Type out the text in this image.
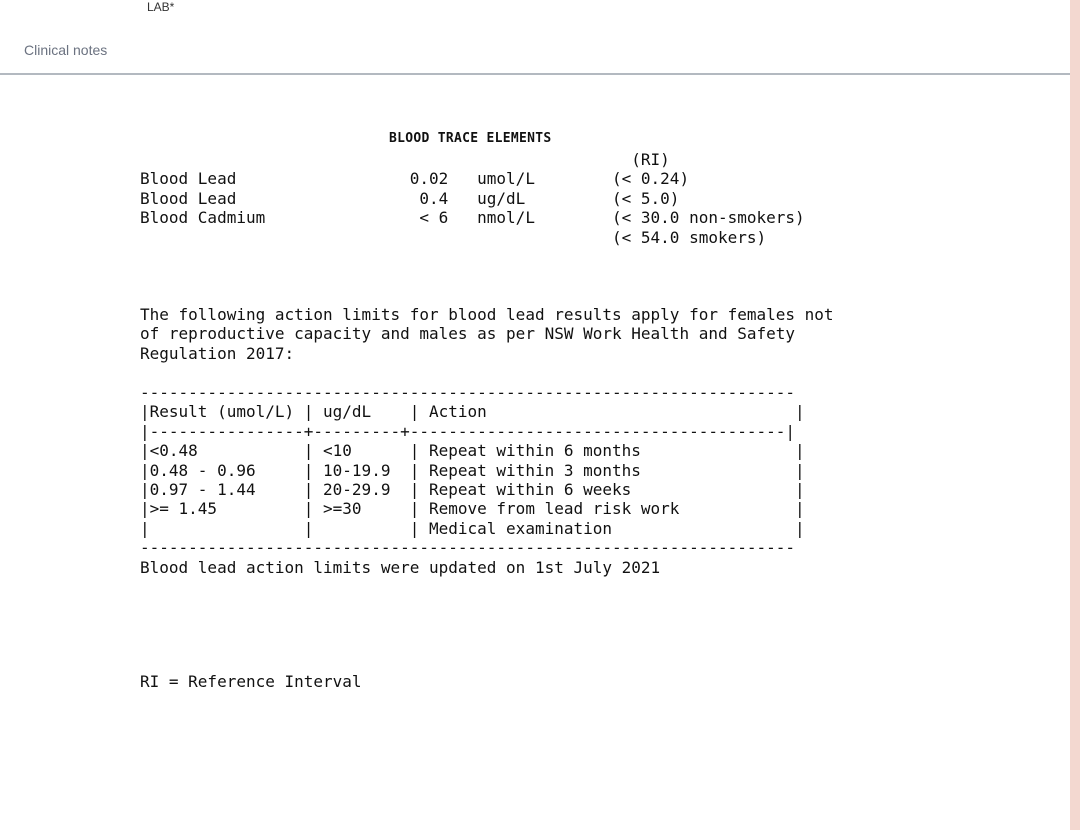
LAB*
Clinical notes
BLOOD TRACE ELEMENTS
(RI)
Blood Lead                  0.02   umol/L        (< 0.24)
Blood Lead                   0.4   ug/dL         (< 5.0)
Blood Cadmium                < 6   nmol/L        (< 30.0 non-smokers)
(< 54.0 smokers)
The following action limits for blood lead results apply for females not
of reproductive capacity and males as per NSW Work Health and Safety
Regulation 2017:
--------------------------------------------------------------------
|Result (umol/L) | ug/dL    | Action                                |
|----------------+---------+---------------------------------------|
|<0.48           | <10      | Repeat within 6 months                |
|0.48 - 0.96     | 10-19.9  | Repeat within 3 months                |
|0.97 - 1.44     | 20-29.9  | Repeat within 6 weeks                 |
|>= 1.45         | >=30     | Remove from lead risk work            |
|                |          | Medical examination                   |
--------------------------------------------------------------------
Blood lead action limits were updated on 1st July 2021
RI = Reference Interval
